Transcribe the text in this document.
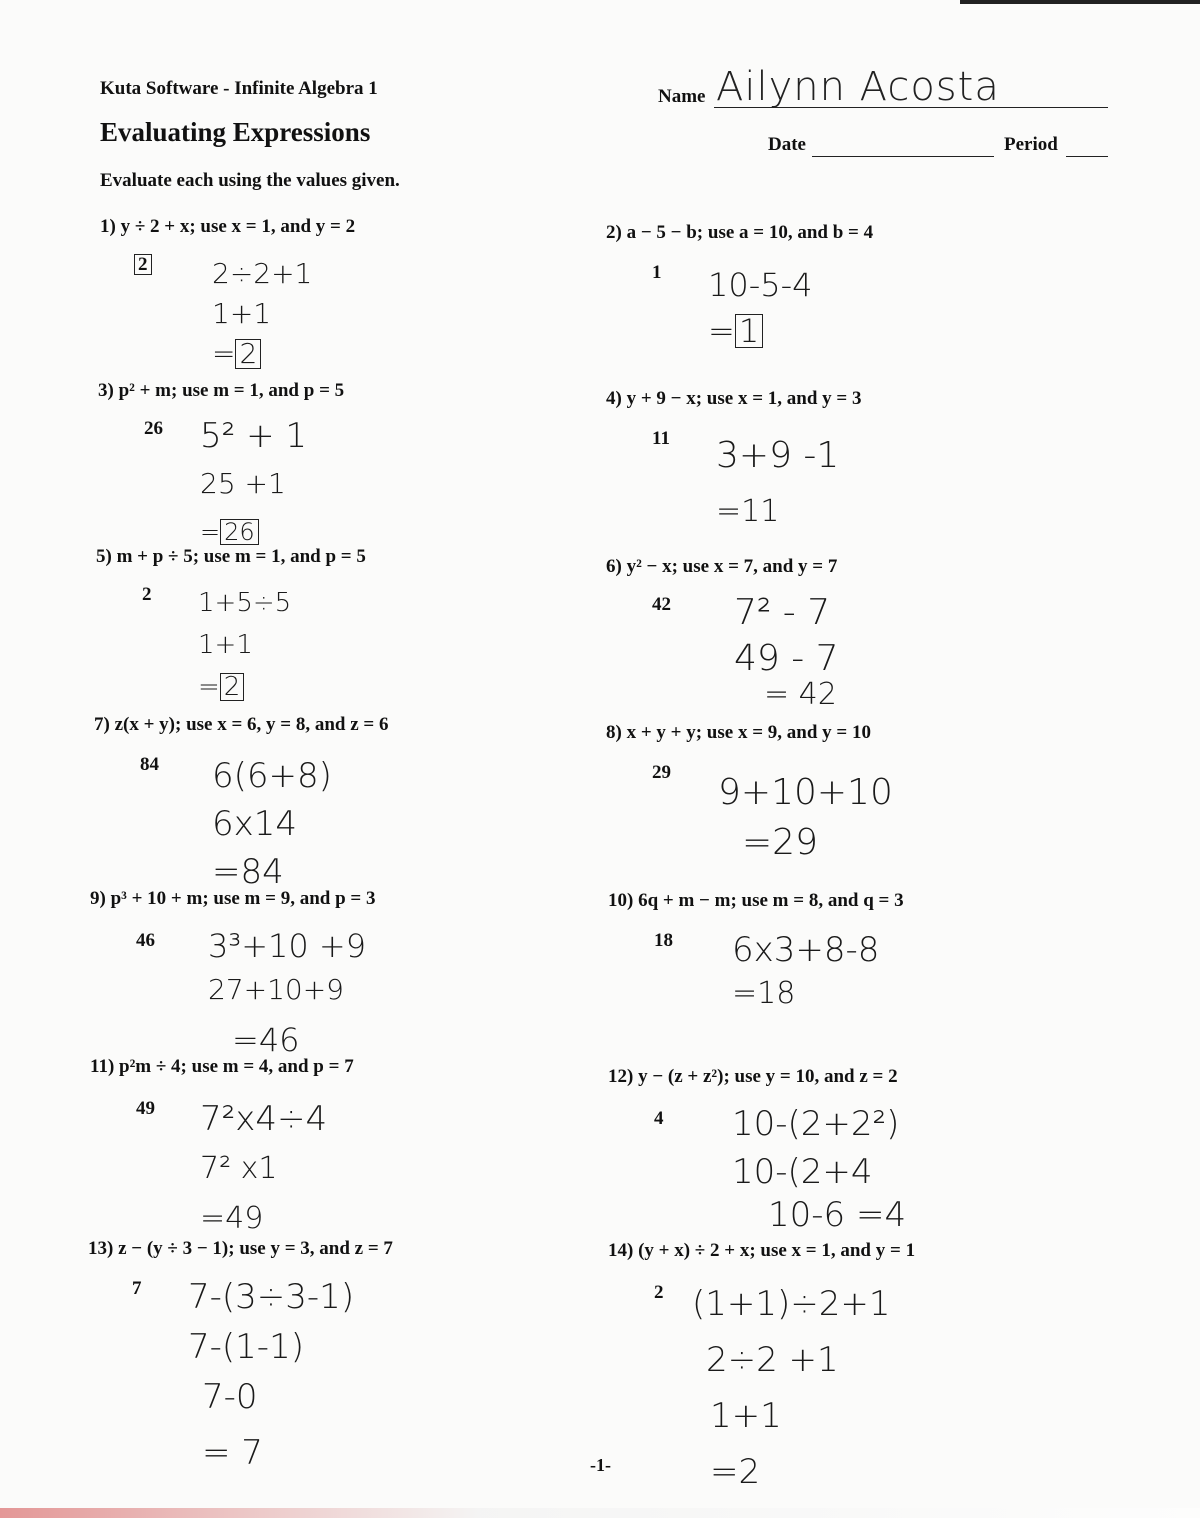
Kuta Software - Infinite Algebra 1
Evaluating Expressions
Evaluate each using the values given.
Name Ailynn Acosta
Date	Period
1) y ÷ 2 + x; use x = 1, and y = 2
2 2÷2+1
1+1
= 2
2) a − 5 − b; use a = 10, and b = 4
1 10-5-4
= 1
3) p² + m; use m = 1, and p = 5
26 5² + 1
25 +1
= 26
4) y + 9 − x; use x = 1, and y = 3
11 3+9 -1
=11
5) m + p ÷ 5; use m = 1, and p = 5
2 1+5÷5
1+1
= 2
6) y² − x; use x = 7, and y = 7
42 7² - 7
49 - 7
= 42
7) z(x + y); use x = 6, y = 8, and z = 6
84 6(6+8)
6x14
=84
8) x + y + y; use x = 9, and y = 10
29 9+10+10
=29
9) p³ + 10 + m; use m = 9, and p = 3
46 3³+10 +9
27+10+9
=46
10) 6q + m − m; use m = 8, and q = 3
18 6x3+8-8
=18
11) p²m ÷ 4; use m = 4, and p = 7
49 7²x4÷4
7² x1
=49
12) y − (z + z²); use y = 10, and z = 2
4 10-(2+2²)
10-(2+4
10-6 =4
13) z − (y ÷ 3 − 1); use y = 3, and z = 7
7 7-(3÷3-1)
7-(1-1)
7-0
= 7
14) (y + x) ÷ 2 + x; use x = 1, and y = 1
2 (1+1)÷2+1
2÷2 +1
1+1
=2
-1-
